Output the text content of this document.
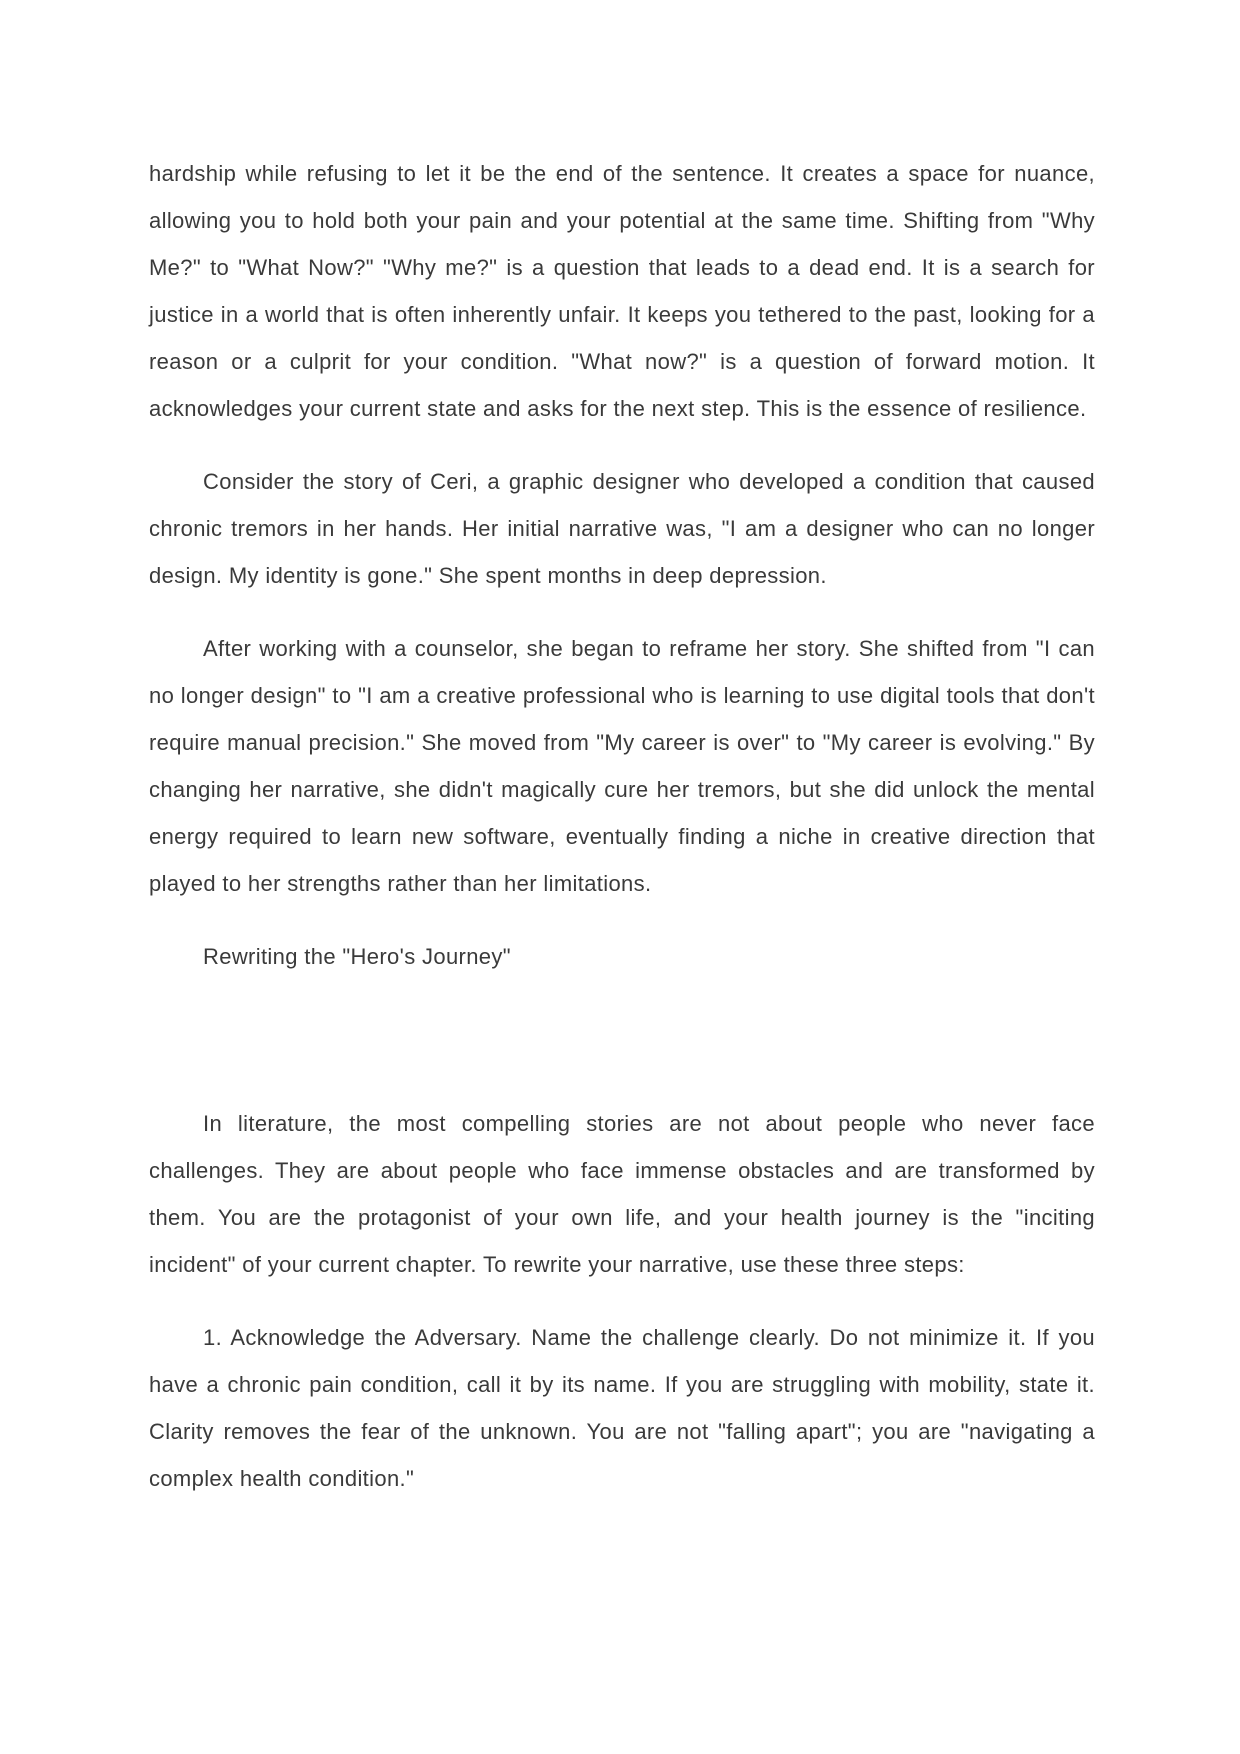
hardship while refusing to let it be the end of the sentence. It creates a space for nuance, allowing you to hold both your pain and your potential at the same time. Shifting from "Why Me?" to "What Now?" "Why me?" is a question that leads to a dead end. It is a search for justice in a world that is often inherently unfair. It keeps you tethered to the past, looking for a reason or a culprit for your condition. "What now?" is a question of forward motion. It acknowledges your current state and asks for the next step. This is the essence of resilience.

Consider the story of Ceri, a graphic designer who developed a condition that caused chronic tremors in her hands. Her initial narrative was, "I am a designer who can no longer design. My identity is gone." She spent months in deep depression.

After working with a counselor, she began to reframe her story. She shifted from "I can no longer design" to "I am a creative professional who is learning to use digital tools that don't require manual precision." She moved from "My career is over" to "My career is evolving." By changing her narrative, she didn't magically cure her tremors, but she did unlock the mental energy required to learn new software, eventually finding a niche in creative direction that played to her strengths rather than her limitations.

Rewriting the "Hero's Journey"

In literature, the most compelling stories are not about people who never face challenges. They are about people who face immense obstacles and are transformed by them. You are the protagonist of your own life, and your health journey is the "inciting incident" of your current chapter. To rewrite your narrative, use these three steps:

1. Acknowledge the Adversary. Name the challenge clearly. Do not minimize it. If you have a chronic pain condition, call it by its name. If you are struggling with mobility, state it. Clarity removes the fear of the unknown. You are not "falling apart"; you are "navigating a complex health condition."
